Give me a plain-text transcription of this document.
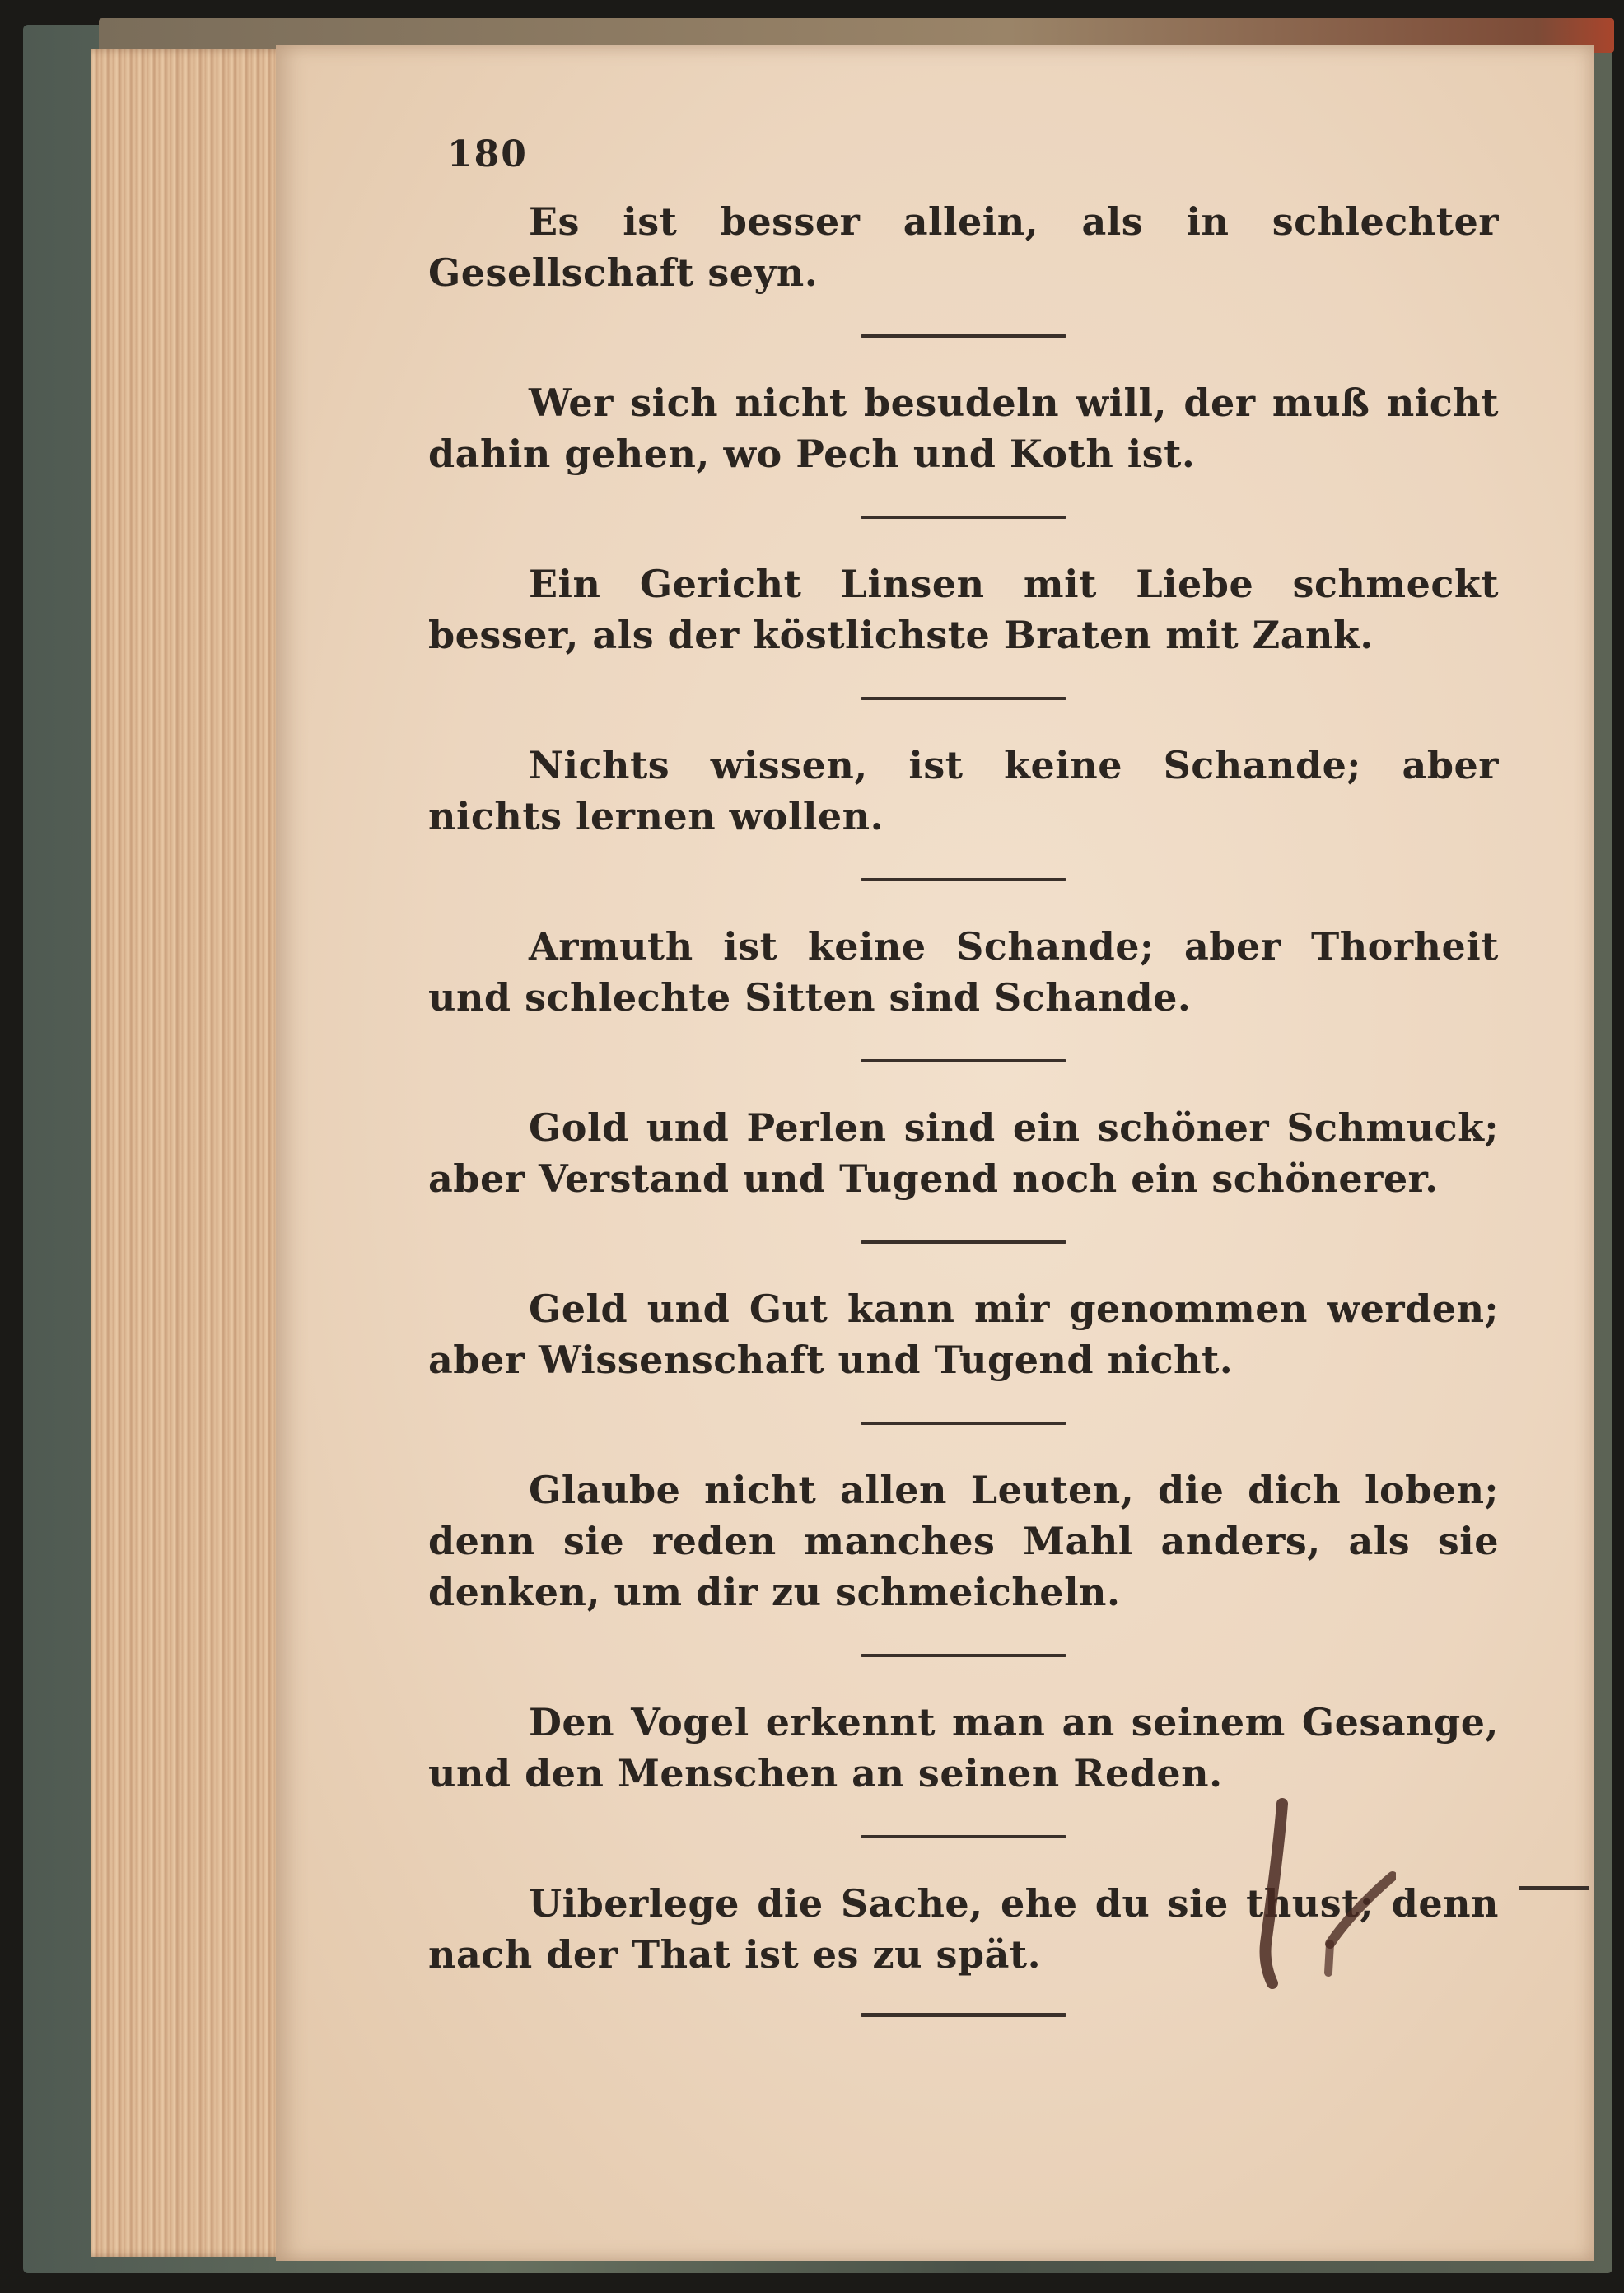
180

Es ist besser allein, als in schlechter Gesellschaft seyn.

Wer sich nicht besudeln will, der muß nicht dahin gehen, wo Pech und Koth ist.

Ein Gericht Linsen mit Liebe schmeckt besser, als der köstlichste Braten mit Zank.

Nichts wissen, ist keine Schande; aber nichts lernen wollen.

Armuth ist keine Schande; aber Thorheit und schlechte Sitten sind Schande.

Gold und Perlen sind ein schöner Schmuck; aber Verstand und Tugend noch ein schönerer.

Geld und Gut kann mir genommen werden; aber Wissenschaft und Tugend nicht.

Glaube nicht allen Leuten, die dich loben; denn sie reden manches Mahl anders, als sie denken, um dir zu schmeicheln.

Den Vogel erkennt man an seinem Gesange, und den Menschen an seinen Reden.

Uiberlege die Sache, ehe du sie thust; denn nach der That ist es zu spät.
